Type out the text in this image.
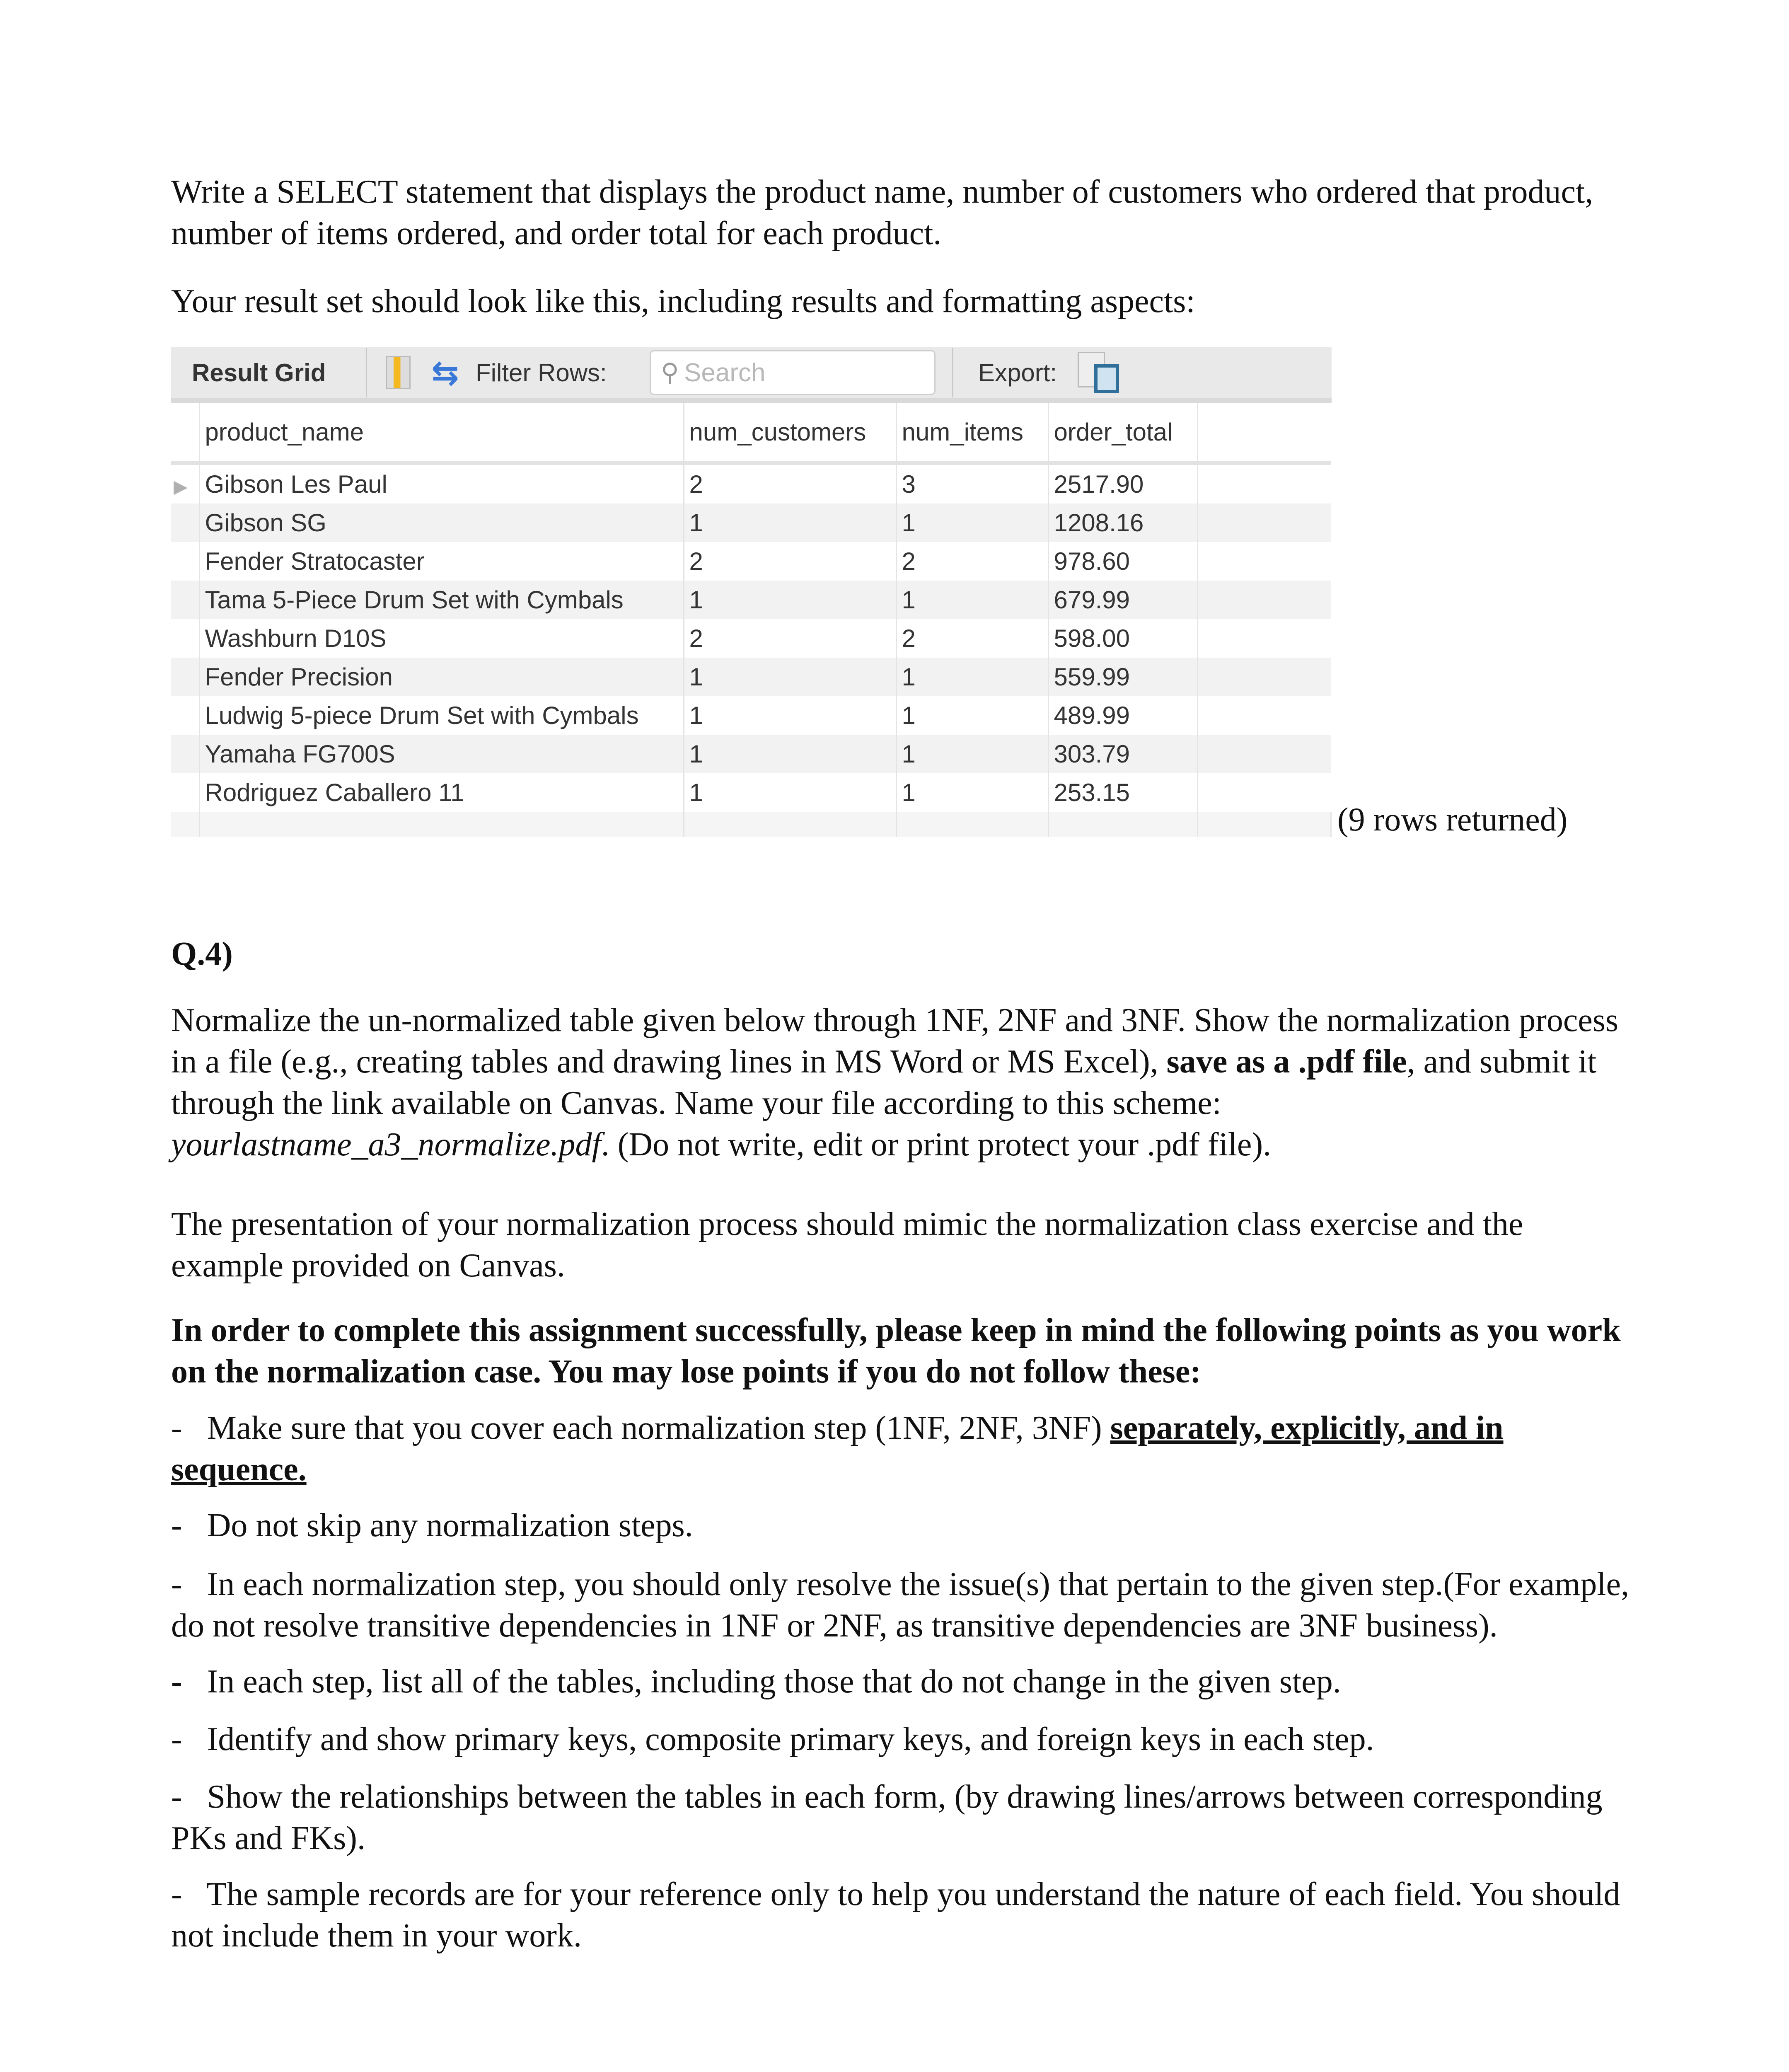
Write a SELECT statement that displays the product name, number of customers who ordered that product, number of items ordered, and order total for each product.

Your result set should look like this, including results and formatting aspects:

Result Grid	⇆ Filter Rows:	⚲ Search	Export:
	product_name	num_customers	num_items	order_total	
▶	Gibson Les Paul	2	3	2517.90	
	Gibson SG	1	1	1208.16	
	Fender Stratocaster	2	2	978.60	
	Tama 5-Piece Drum Set with Cymbals	1	1	679.99	
	Washburn D10S	2	2	598.00	
	Fender Precision	1	1	559.99	
	Ludwig 5-piece Drum Set with Cymbals	1	1	489.99	
	Yamaha FG700S	1	1	303.79	
	Rodriguez Caballero 11	1	1	253.15	

(9 rows returned)
Q.4)

Normalize the un-normalized table given below through 1NF, 2NF and 3NF. Show the normalization process in a file (e.g., creating tables and drawing lines in MS Word or MS Excel), save as a .pdf file, and submit it through the link available on Canvas. Name your file according to this scheme: yourlastname_a3_normalize.pdf. (Do not write, edit or print protect your .pdf file).

The presentation of your normalization process should mimic the normalization class exercise and the example provided on Canvas.

In order to complete this assignment successfully, please keep in mind the following points as you work on the normalization case. You may lose points if you do not follow these:

- Make sure that you cover each normalization step (1NF, 2NF, 3NF) separately, explicitly, and in sequence.

- Do not skip any normalization steps.

- In each normalization step, you should only resolve the issue(s) that pertain to the given step.(For example, do not resolve transitive dependencies in 1NF or 2NF, as transitive dependencies are 3NF business).

- In each step, list all of the tables, including those that do not change in the given step.

- Identify and show primary keys, composite primary keys, and foreign keys in each step.

- Show the relationships between the tables in each form, (by drawing lines/arrows between corresponding PKs and FKs).

- The sample records are for your reference only to help you understand the nature of each field. You should not include them in your work.
